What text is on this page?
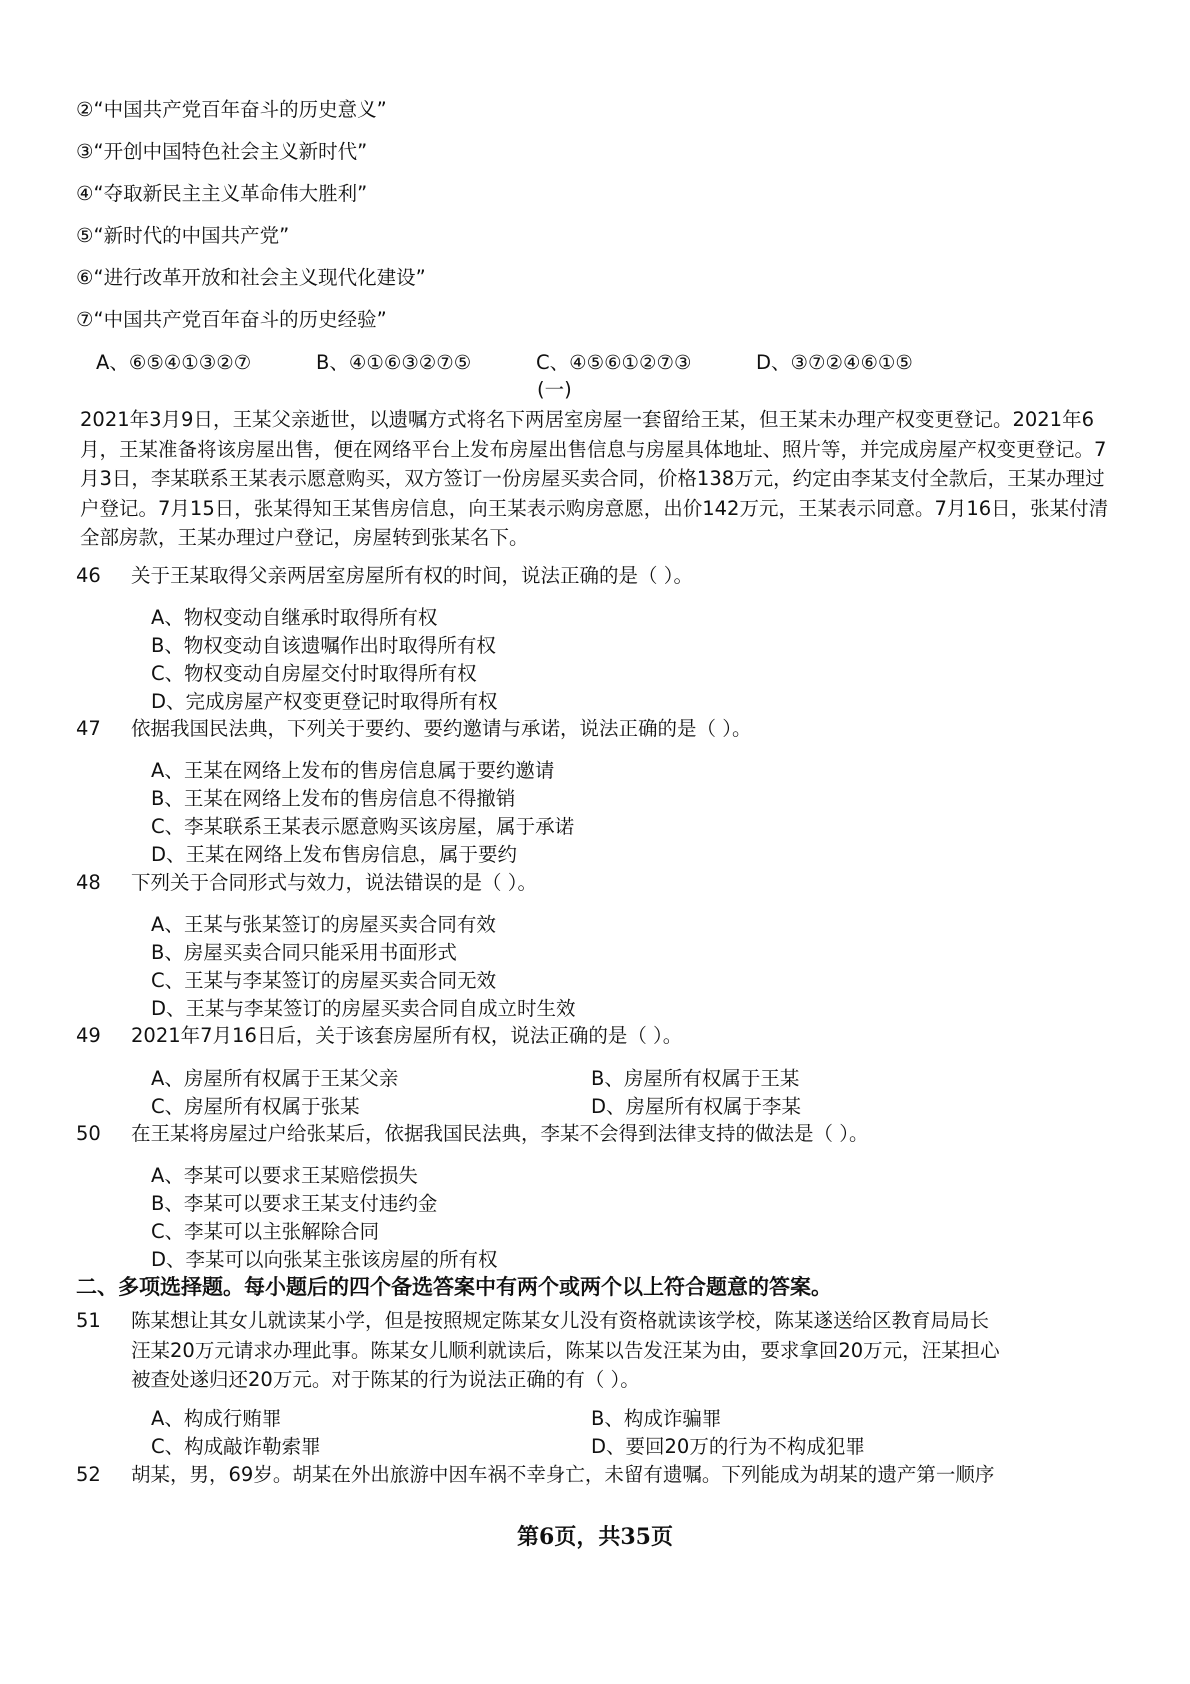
②“中国共产党百年奋斗的历史意义”
③“开创中国特色社会主义新时代”
④“夺取新民主主义革命伟大胜利”
⑤“新时代的中国共产党”
⑥“进行改革开放和社会主义现代化建设”
⑦“中国共产党百年奋斗的历史经验”
A、⑥⑤④①③②⑦	B、④①⑥③②⑦⑤	C、④⑤⑥①②⑦③	D、③⑦②④⑥①⑤
(一)
2021年3月9日，王某父亲逝世，以遗嘱方式将名下两居室房屋一套留给王某，但王某未办理产权变更登记。2021年6月，王某准备将该房屋出售，便在网络平台上发布房屋出售信息与房屋具体地址、照片等，并完成房屋产权变更登记。7月3日，李某联系王某表示愿意购买，双方签订一份房屋买卖合同，价格138万元，约定由李某支付全款后，王某办理过户登记。7月15日，张某得知王某售房信息，向王某表示购房意愿，出价142万元，王某表示同意。7月16日，张某付清全部房款，王某办理过户登记，房屋转到张某名下。
46 关于王某取得父亲两居室房屋所有权的时间，说法正确的是（ ）。
A、物权变动自继承时取得所有权
B、物权变动自该遗嘱作出时取得所有权
C、物权变动自房屋交付时取得所有权
D、完成房屋产权变更登记时取得所有权
47 依据我国民法典，下列关于要约、要约邀请与承诺，说法正确的是（ ）。
A、王某在网络上发布的售房信息属于要约邀请
B、王某在网络上发布的售房信息不得撤销
C、李某联系王某表示愿意购买该房屋，属于承诺
D、王某在网络上发布售房信息，属于要约
48 下列关于合同形式与效力，说法错误的是（ ）。
A、王某与张某签订的房屋买卖合同有效
B、房屋买卖合同只能采用书面形式
C、王某与李某签订的房屋买卖合同无效
D、王某与李某签订的房屋买卖合同自成立时生效
49 2021年7月16日后，关于该套房屋所有权，说法正确的是（ ）。
A、房屋所有权属于王某父亲	B、房屋所有权属于王某
C、房屋所有权属于张某	D、房屋所有权属于李某
50 在王某将房屋过户给张某后，依据我国民法典，李某不会得到法律支持的做法是（ ）。
A、李某可以要求王某赔偿损失
B、李某可以要求王某支付违约金
C、李某可以主张解除合同
D、李某可以向张某主张该房屋的所有权
二、多项选择题。每小题后的四个备选答案中有两个或两个以上符合题意的答案。
51 陈某想让其女儿就读某小学，但是按照规定陈某女儿没有资格就读该学校，陈某遂送给区教育局局长汪某20万元请求办理此事。陈某女儿顺利就读后，陈某以告发汪某为由，要求拿回20万元，汪某担心被查处遂归还20万元。对于陈某的行为说法正确的有（ ）。
A、构成行贿罪	B、构成诈骗罪
C、构成敲诈勒索罪	D、要回20万的行为不构成犯罪
52 胡某，男，69岁。胡某在外出旅游中因车祸不幸身亡，未留有遗嘱。下列能成为胡某的遗产第一顺序
第6页，共35页
